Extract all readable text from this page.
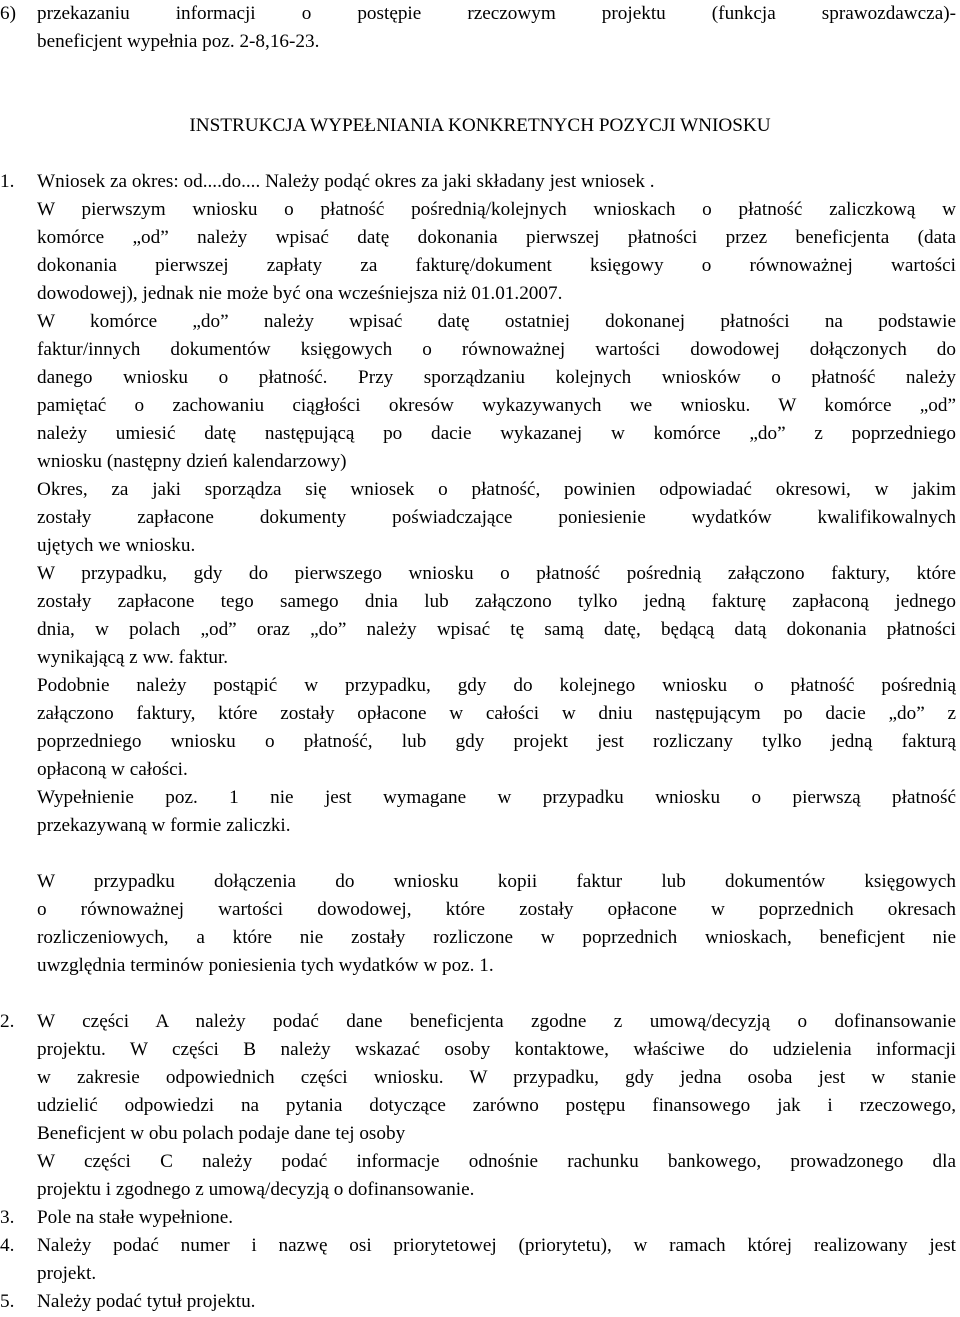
6) przekazaniu informacji o postępie rzeczowym projektu (funkcja sprawozdawcza)-
beneficjent wypełnia poz. 2-8,16-23.
INSTRUKCJA WYPEŁNIANIA KONKRETNYCH POZYCJI WNIOSKU
1. Wniosek za okres: od....do.... Należy podąć okres za jaki składany jest wniosek .
W pierwszym wniosku o płatność pośrednią/kolejnych wnioskach o płatność zaliczkową w
komórce „od” należy wpisać datę dokonania pierwszej płatności przez beneficjenta (data
dokonania pierwszej zapłaty za fakturę/dokument księgowy o równoważnej wartości
dowodowej), jednak nie może być ona wcześniejsza niż 01.01.2007.
W komórce „do” należy wpisać datę ostatniej dokonanej płatności na podstawie
faktur/innych dokumentów księgowych o równoważnej wartości dowodowej dołączonych do
danego wniosku o płatność. Przy sporządzaniu kolejnych wniosków o płatność należy
pamiętać o zachowaniu ciągłości okresów wykazywanych we wniosku. W komórce „od”
należy umiesić datę następującą po dacie wykazanej w komórce „do” z poprzedniego
wniosku (następny dzień kalendarzowy)
Okres, za jaki sporządza się wniosek o płatność, powinien odpowiadać okresowi, w jakim
zostały zapłacone dokumenty poświadczające poniesienie wydatków kwalifikowalnych
ujętych we wniosku.
W przypadku, gdy do pierwszego wniosku o płatność pośrednią załączono faktury, które
zostały zapłacone tego samego dnia lub załączono tylko jedną fakturę zapłaconą jednego
dnia, w polach „od” oraz „do” należy wpisać tę samą datę, będącą datą dokonania płatności
wynikającą z ww. faktur.
Podobnie należy postąpić w przypadku, gdy do kolejnego wniosku o płatność pośrednią
załączono faktury, które zostały opłacone w całości w dniu następującym po dacie „do” z
poprzedniego wniosku o płatność, lub gdy projekt jest rozliczany tylko jedną fakturą
opłaconą w całości.
Wypełnienie poz. 1 nie jest wymagane w przypadku wniosku o pierwszą płatność
przekazywaną w formie zaliczki.
W przypadku dołączenia do wniosku kopii faktur lub dokumentów księgowych
o równoważnej wartości dowodowej, które zostały opłacone w poprzednich okresach
rozliczeniowych, a które nie zostały rozliczone w poprzednich wnioskach, beneficjent nie
uwzględnia terminów poniesienia tych wydatków w poz. 1.
2. W części A należy podać dane beneficjenta zgodne z umową/decyzją o dofinansowanie
projektu. W części B należy wskazać osoby kontaktowe, właściwe do udzielenia informacji
w zakresie odpowiednich części wniosku. W przypadku, gdy jedna osoba jest w stanie
udzielić odpowiedzi na pytania dotyczące zarówno postępu finansowego jak i rzeczowego,
Beneficjent w obu polach podaje dane tej osoby
W części C należy podać informacje odnośnie rachunku bankowego, prowadzonego dla
projektu i zgodnego z umową/decyzją o dofinansowanie.
3. Pole na stałe wypełnione.
4. Należy podać numer i nazwę osi priorytetowej (priorytetu), w ramach której realizowany jest
projekt.
5. Należy podać tytuł projektu.
